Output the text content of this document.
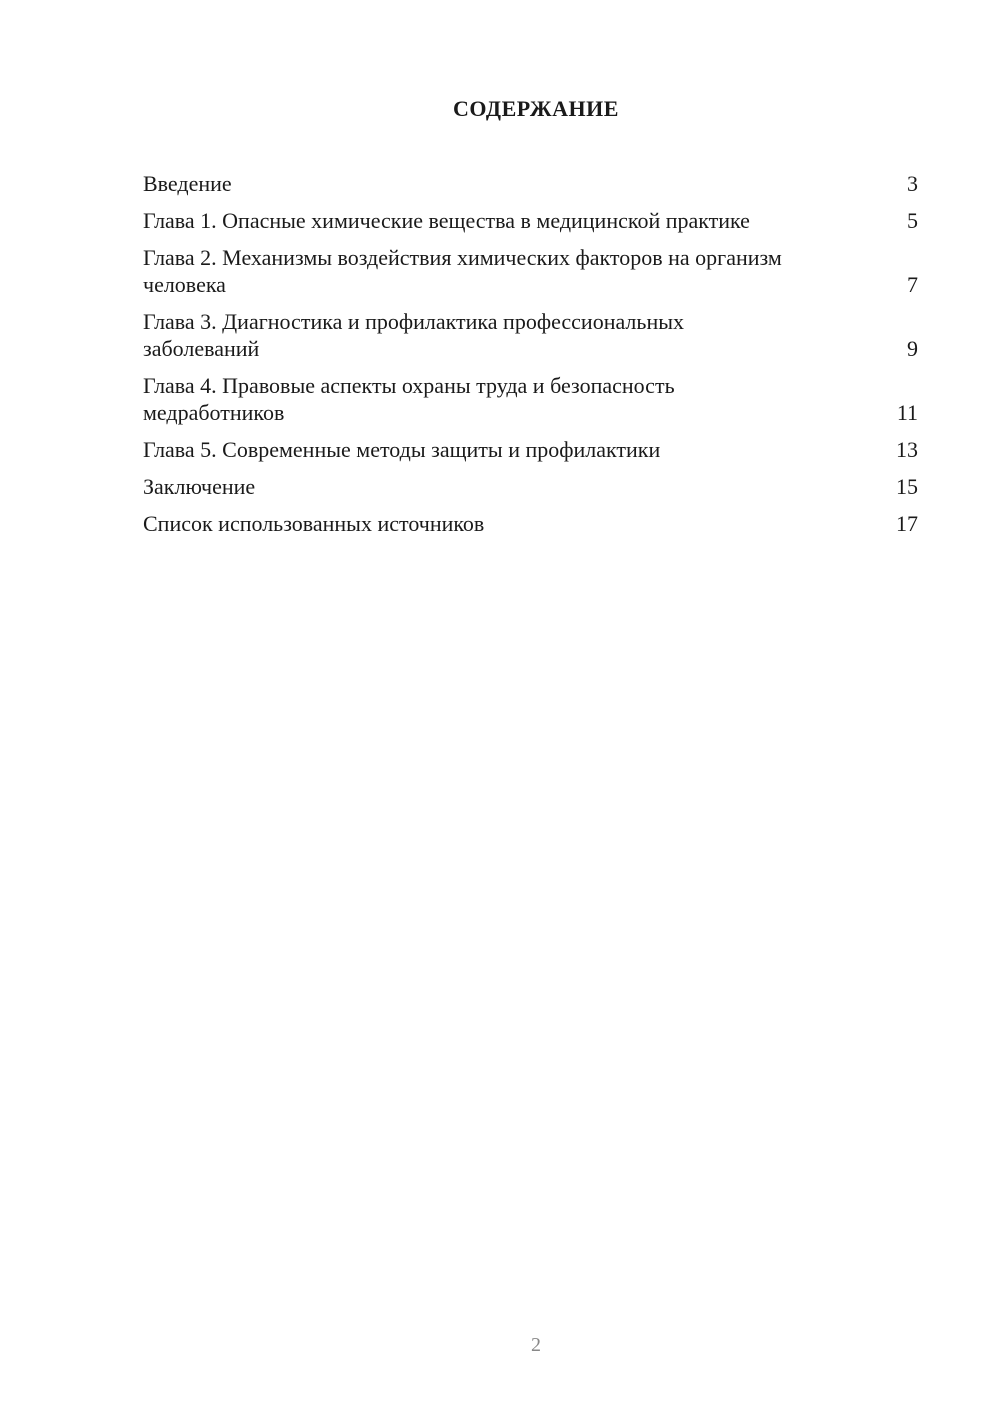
СОДЕРЖАНИЕ
Введение	3
Глава 1. Опасные химические вещества в медицинской практике	5
Глава 2. Механизмы воздействия химических факторов на организм человека	7
Глава 3. Диагностика и профилактика профессиональных заболеваний	9
Глава 4. Правовые аспекты охраны труда и безопасность медработников	11
Глава 5. Современные методы защиты и профилактики	13
Заключение	15
Список использованных источников	17
2
